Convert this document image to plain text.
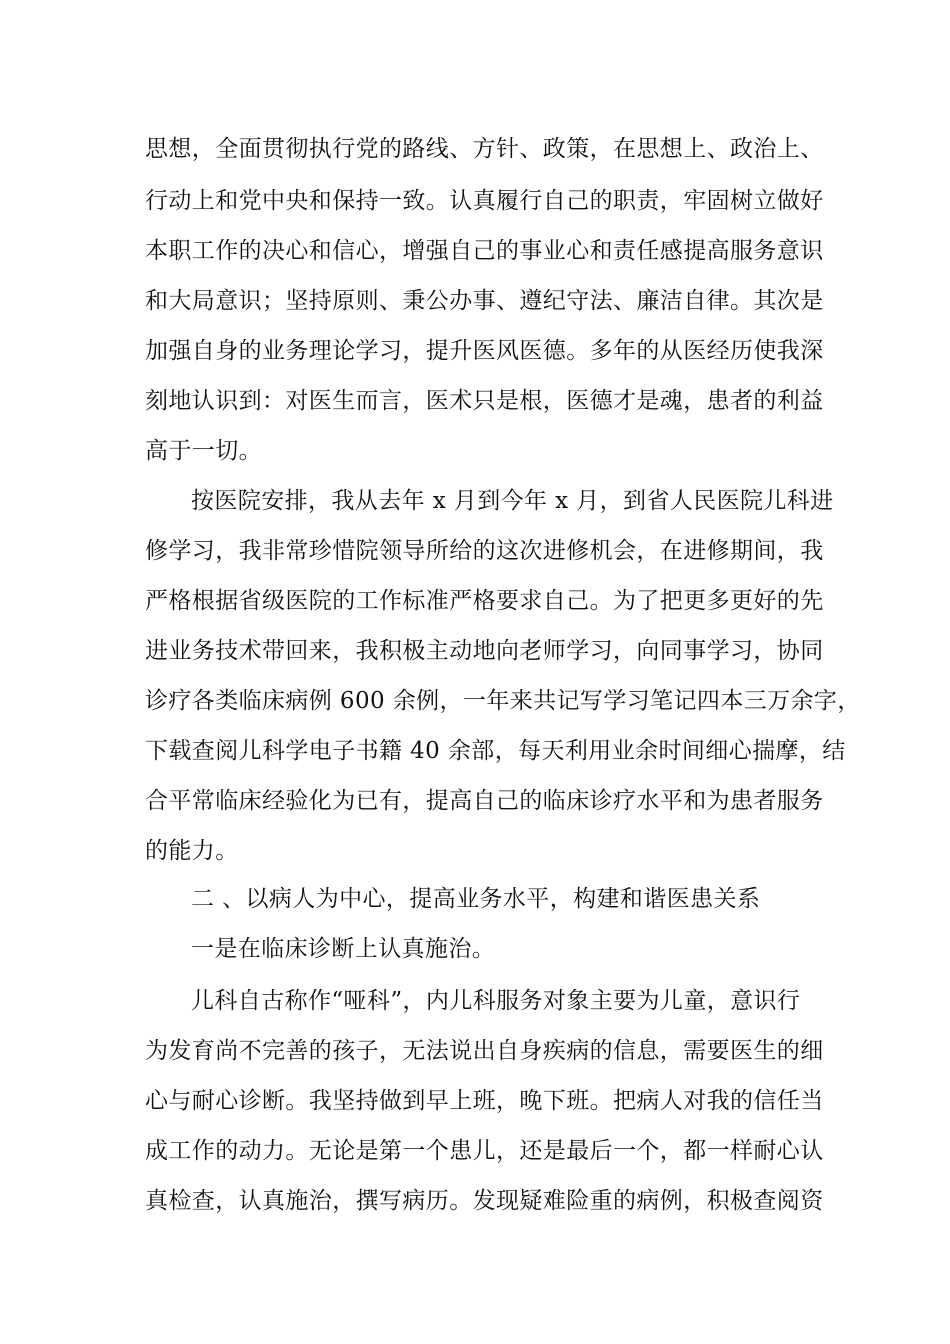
思想，全面贯彻执行党的路线、方针、政策，在思想上、政治上、
行动上和党中央和保持一致。认真履行自己的职责，牢固树立做好
本职工作的决心和信心，增强自己的事业心和责任感提高服务意识
和大局意识；坚持原则、秉公办事、遵纪守法、廉洁自律。其次是
加强自身的业务理论学习，提升医风医德。多年的从医经历使我深
刻地认识到：对医生而言，医术只是根，医德才是魂，患者的利益
高于一切。
按医院安排，我从去年 x 月到今年 x 月，到省人民医院儿科进
修学习，我非常珍惜院领导所给的这次进修机会，在进修期间，我
严格根据省级医院的工作标准严格要求自己。为了把更多更好的先
进业务技术带回来，我积极主动地向老师学习，向同事学习，协同
诊疗各类临床病例 600 余例，一年来共记写学习笔记四本三万余字，
下载查阅儿科学电子书籍 40 余部，每天利用业余时间细心揣摩，结
合平常临床经验化为已有，提高自己的临床诊疗水平和为患者服务
的能力。
二 、以病人为中心，提高业务水平，构建和谐医患关系
一是在临床诊断上认真施治。
儿科自古称作“哑科”，内儿科服务对象主要为儿童，意识行
为发育尚不完善的孩子，无法说出自身疾病的信息，需要医生的细
心与耐心诊断。我坚持做到早上班，晚下班。把病人对我的信任当
成工作的动力。无论是第一个患儿，还是最后一个，都一样耐心认
真检查，认真施治，撰写病历。发现疑难险重的病例，积极查阅资
